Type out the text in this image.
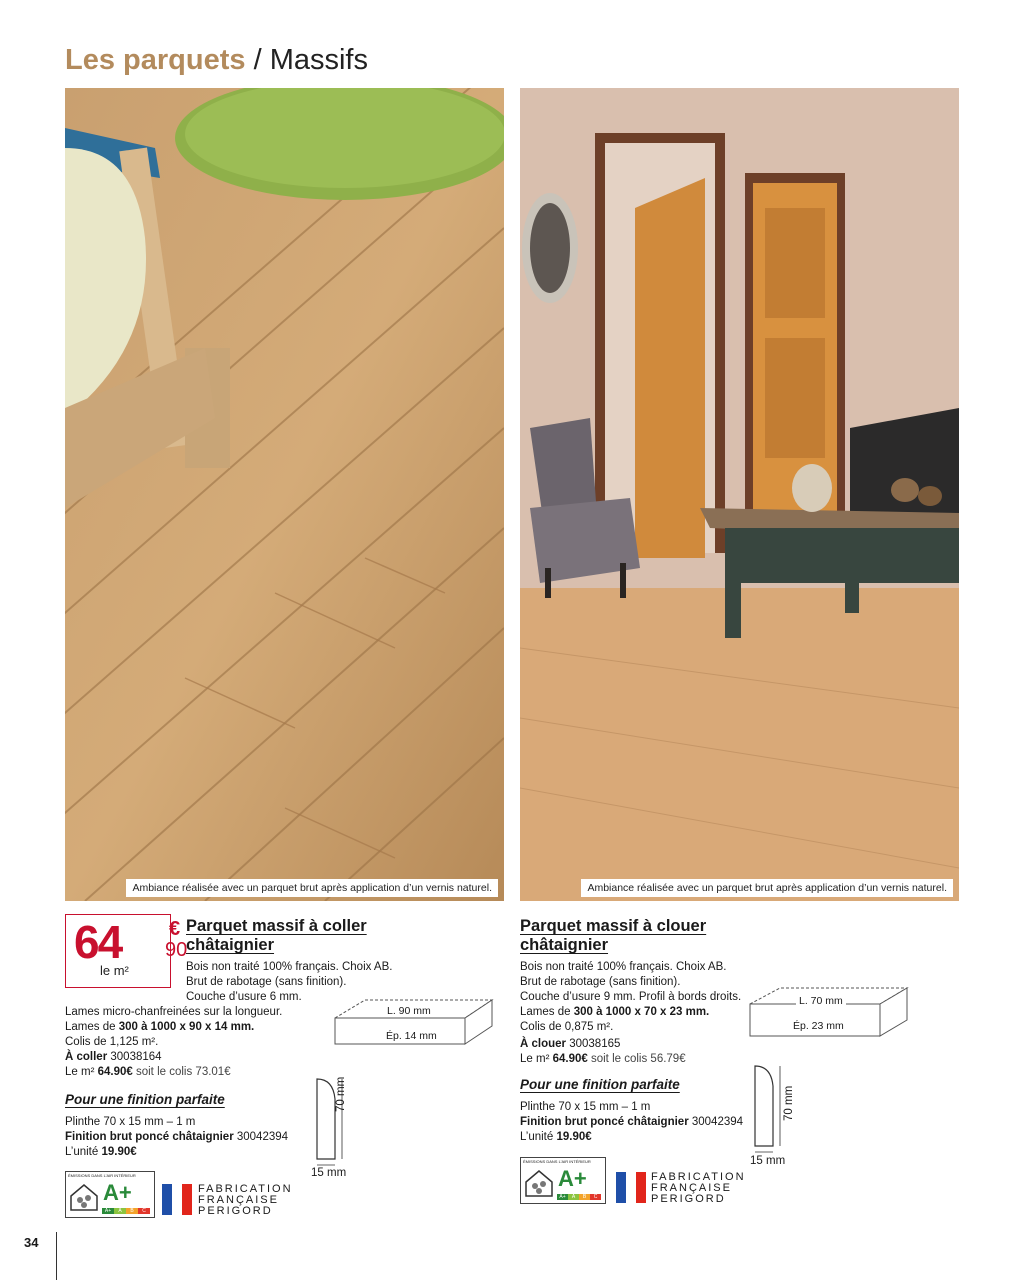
Les parquets / Massifs
Ambiance réalisée avec un parquet brut après application d’un vernis naturel.	Ambiance réalisée avec un parquet brut après application d’un vernis naturel.
64 €
90
le m²
Parquet massif à coller
châtaignier
Bois non traité 100% français. Choix AB.
Brut de rabotage (sans finition).
Couche d’usure 6 mm.
Lames micro-chanfreinées sur la longueur.
Lames de 300 à 1000 x 90 x 14 mm.
Colis de 1,125 m².
À coller 30038164
Le m² 64.90€ soit le colis 73.01€
L. 90 mm
Ép. 14 mm
Pour une finition parfaite
Plinthe 70 x 15 mm – 1 m
Finition brut poncé châtaignier 30042394
L’unité 19.90€
70 mm
15 mm
ÉMISSIONS DANS L’AIR INTÉRIEUR
A+
A+	A	B	C
FABRICATION
FRANÇAISE
PERIGORD
Parquet massif à clouer
châtaignier
Bois non traité 100% français. Choix AB.
Brut de rabotage (sans finition).
Couche d’usure 9 mm. Profil à bords droits.
Lames de 300 à 1000 x 70 x 23 mm.
Colis de 0,875 m².
À clouer 30038165
Le m² 64.90€ soit le colis 56.79€
L. 70 mm
Ép. 23 mm
Pour une finition parfaite
Plinthe 70 x 15 mm – 1 m
Finition brut poncé châtaignier 30042394
L’unité 19.90€
70 mm
15 mm
ÉMISSIONS DANS L’AIR INTÉRIEUR
A+
A+	A	B	C
FABRICATION
FRANÇAISE
PERIGORD
34
